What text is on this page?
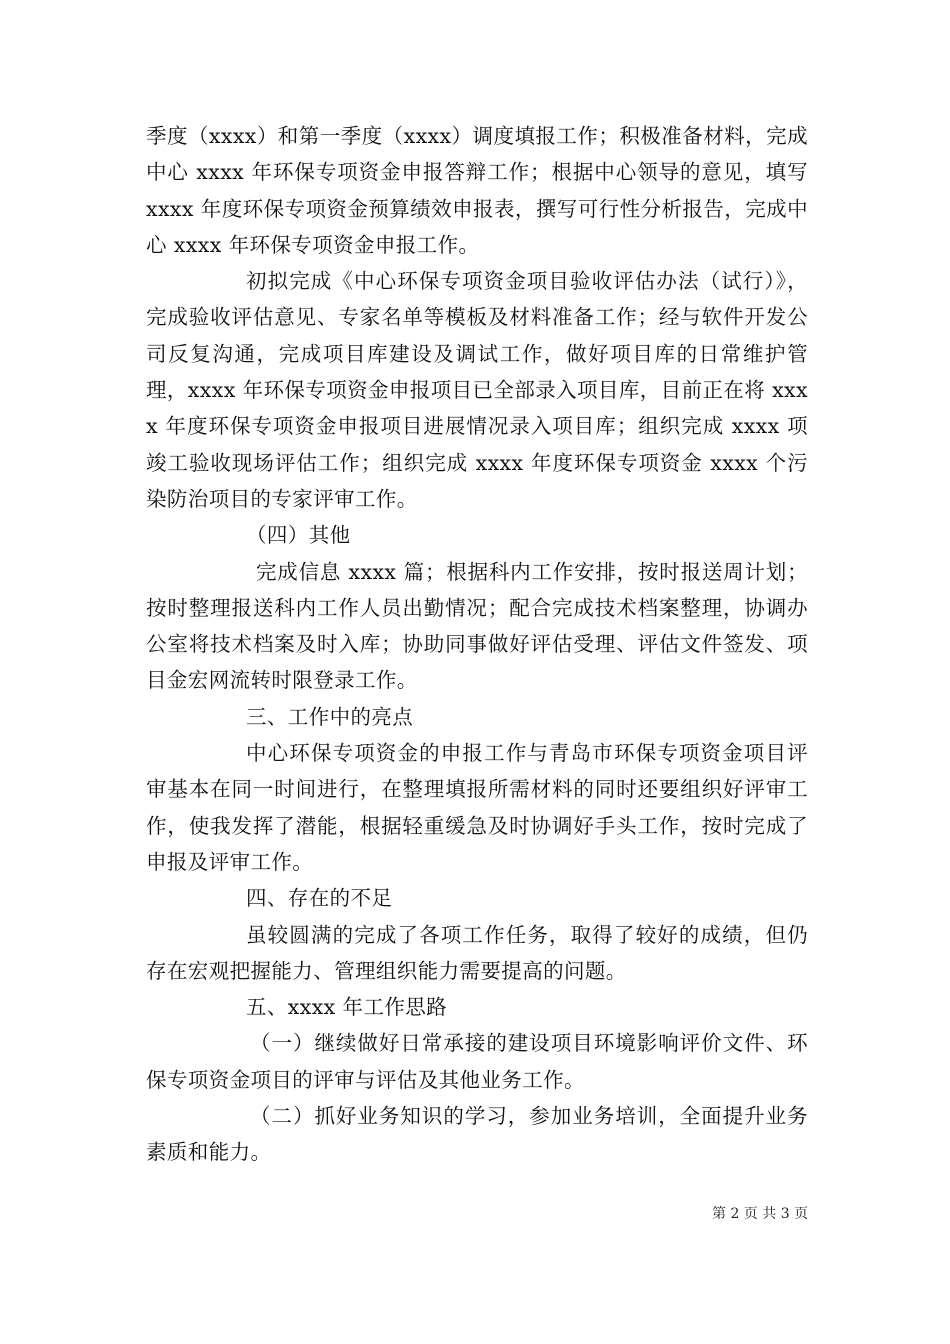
季度（xxxx）和第一季度（xxxx）调度填报工作；积极准备材料，完成中心 xxxx 年环保专项资金申报答辩工作；根据中心领导的意见，填写 xxxx 年度环保专项资金预算绩效申报表，撰写可行性分析报告，完成中心 xxxx 年环保专项资金申报工作。

初拟完成《中心环保专项资金项目验收评估办法（试行）》，完成验收评估意见、专家名单等模板及材料准备工作；经与软件开发公司反复沟通，完成项目库建设及调试工作，做好项目库的日常维护管理，xxxx 年环保专项资金申报项目已全部录入项目库，目前正在将 xxxx 年度环保专项资金申报项目进展情况录入项目库；组织完成 xxxx 项竣工验收现场评估工作；组织完成 xxxx 年度环保专项资金 xxxx 个污染防治项目的专家评审工作。

（四）其他

完成信息 xxxx 篇；根据科内工作安排，按时报送周计划；按时整理报送科内工作人员出勤情况；配合完成技术档案整理，协调办公室将技术档案及时入库；协助同事做好评估受理、评估文件签发、项目金宏网流转时限登录工作。

三、工作中的亮点

中心环保专项资金的申报工作与青岛市环保专项资金项目评审基本在同一时间进行，在整理填报所需材料的同时还要组织好评审工作，使我发挥了潜能，根据轻重缓急及时协调好手头工作，按时完成了申报及评审工作。

四、存在的不足

虽较圆满的完成了各项工作任务，取得了较好的成绩，但仍存在宏观把握能力、管理组织能力需要提高的问题。

五、xxxx 年工作思路

（一）继续做好日常承接的建设项目环境影响评价文件、环保专项资金项目的评审与评估及其他业务工作。

（二）抓好业务知识的学习，参加业务培训，全面提升业务素质和能力。

第 2 页 共 3 页
